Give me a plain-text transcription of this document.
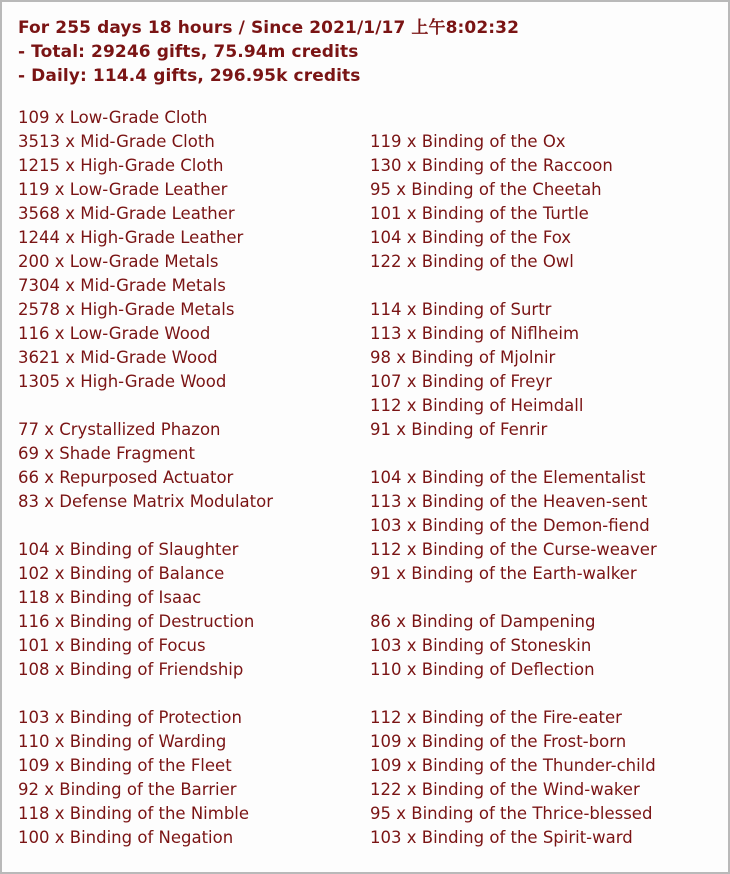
For 255 days 18 hours / Since 2021/1/17 上午8:02:32
- Total: 29246 gifts, 75.94m credits
- Daily: 114.4 gifts, 296.95k credits
109 x Low-Grade Cloth
3513 x Mid-Grade Cloth
1215 x High-Grade Cloth
119 x Low-Grade Leather
3568 x Mid-Grade Leather
1244 x High-Grade Leather
200 x Low-Grade Metals
7304 x Mid-Grade Metals
2578 x High-Grade Metals
116 x Low-Grade Wood
3621 x Mid-Grade Wood
1305 x High-Grade Wood
77 x Crystallized Phazon
69 x Shade Fragment
66 x Repurposed Actuator
83 x Defense Matrix Modulator
104 x Binding of Slaughter
102 x Binding of Balance
118 x Binding of Isaac
116 x Binding of Destruction
101 x Binding of Focus
108 x Binding of Friendship
103 x Binding of Protection
110 x Binding of Warding
109 x Binding of the Fleet
92 x Binding of the Barrier
118 x Binding of the Nimble
100 x Binding of Negation
119 x Binding of the Ox
130 x Binding of the Raccoon
95 x Binding of the Cheetah
101 x Binding of the Turtle
104 x Binding of the Fox
122 x Binding of the Owl
114 x Binding of Surtr
113 x Binding of Niflheim
98 x Binding of Mjolnir
107 x Binding of Freyr
112 x Binding of Heimdall
91 x Binding of Fenrir
104 x Binding of the Elementalist
113 x Binding of the Heaven-sent
103 x Binding of the Demon-fiend
112 x Binding of the Curse-weaver
91 x Binding of the Earth-walker
86 x Binding of Dampening
103 x Binding of Stoneskin
110 x Binding of Deflection
112 x Binding of the Fire-eater
109 x Binding of the Frost-born
109 x Binding of the Thunder-child
122 x Binding of the Wind-waker
95 x Binding of the Thrice-blessed
103 x Binding of the Spirit-ward
